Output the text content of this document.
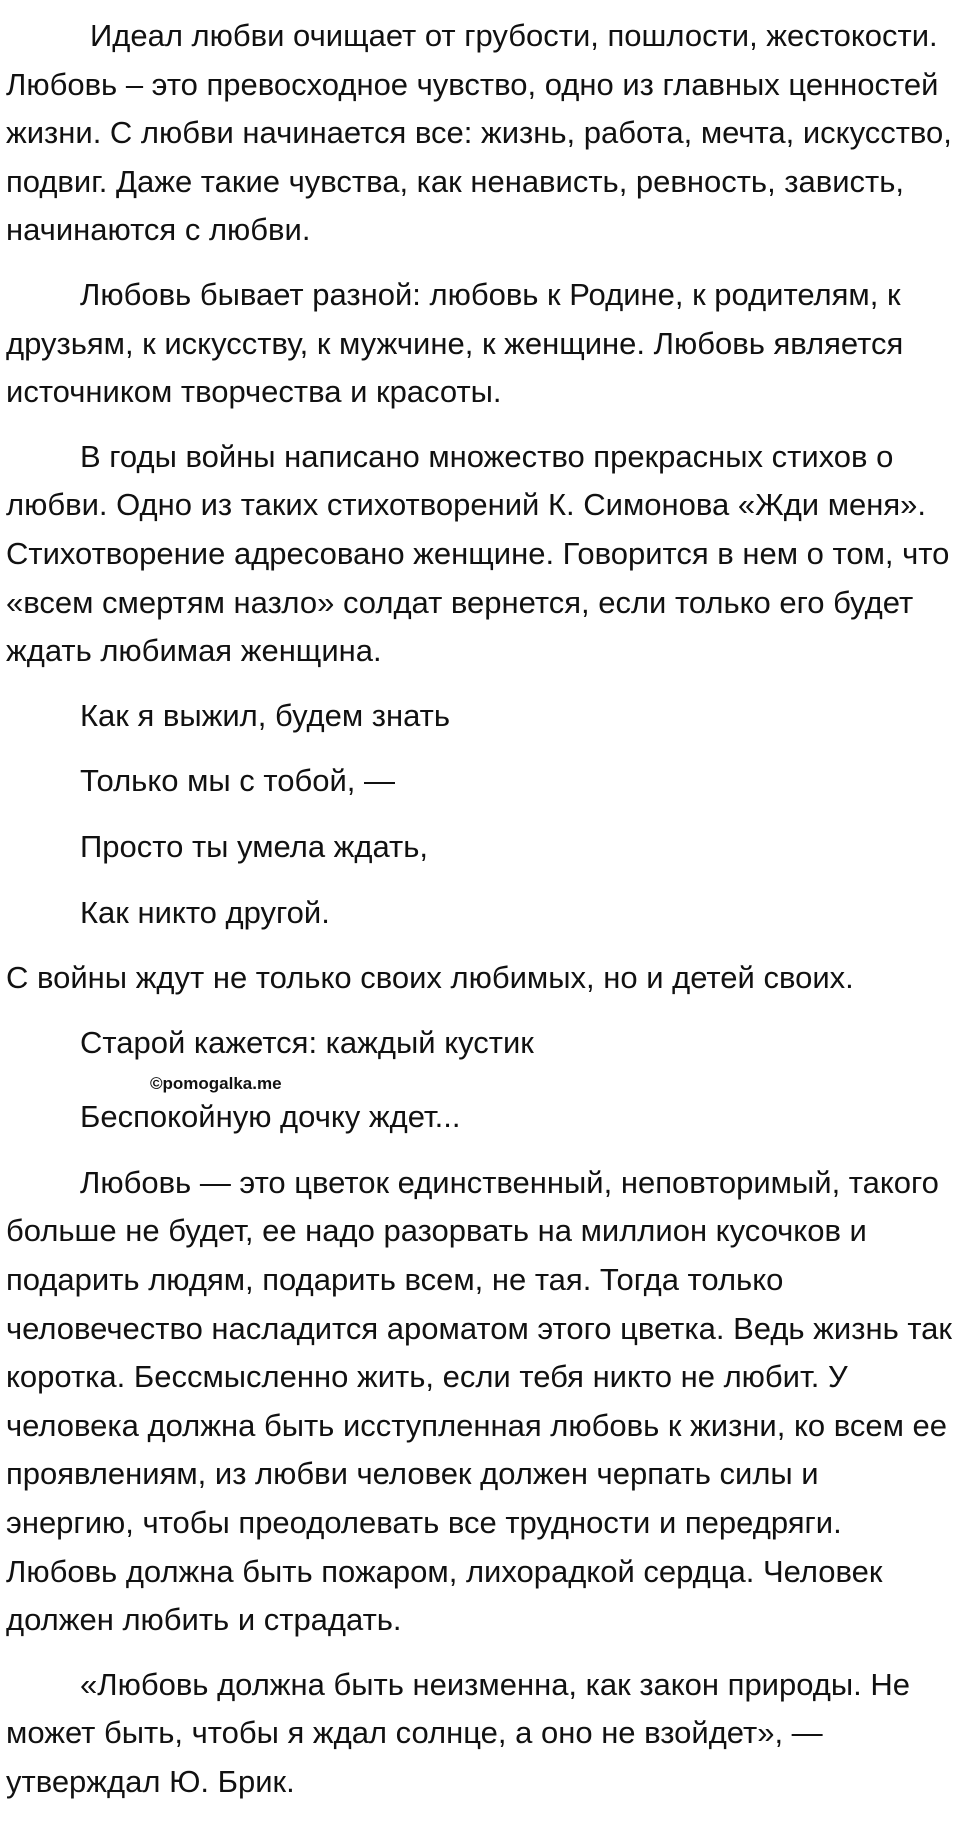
Идеал любви очищает от грубости, пошлости, жестокости. Любовь – это превосходное чувство, одно из главных ценностей жизни. С любви начинается все: жизнь, работа, мечта, искусство, подвиг. Даже такие чувства, как ненависть, ревность, зависть, начинаются с любви.

Любовь бывает разной: любовь к Родине, к родителям, к друзьям, к искусству, к мужчине, к женщине. Любовь является источником творчества и красоты.

В годы войны написано множество прекрасных стихов о любви. Одно из таких стихотворений К. Симонова «Жди меня». Стихотворение адресовано женщине. Говорится в нем о том, что «всем смертям назло» солдат вернется, если только его будет ждать любимая женщина.

Как я выжил, будем знать
Только мы с тобой, —
Просто ты умела ждать,
Как никто другой.

С войны ждут не только своих любимых, но и детей своих.

Старой кажется: каждый кустик
Беспокойную дочку ждет...

Любовь — это цветок единственный, неповторимый, такого больше не будет, ее надо разорвать на миллион кусочков и подарить людям, подарить всем, не тая. Тогда только человечество насладится ароматом этого цветка. Ведь жизнь так коротка. Бессмысленно жить, если тебя никто не любит. У человека должна быть исступленная любовь к жизни, ко всем ее проявлениям, из любви человек должен черпать силы и энергию, чтобы преодолевать все трудности и передряги. Любовь должна быть пожаром, лихорадкой сердца. Человек должен любить и страдать.

«Любовь должна быть неизменна, как закон природы. Не может быть, чтобы я ждал солнце, а оно не взойдет», — утверждал Ю. Брик.

©pomogalka.me
